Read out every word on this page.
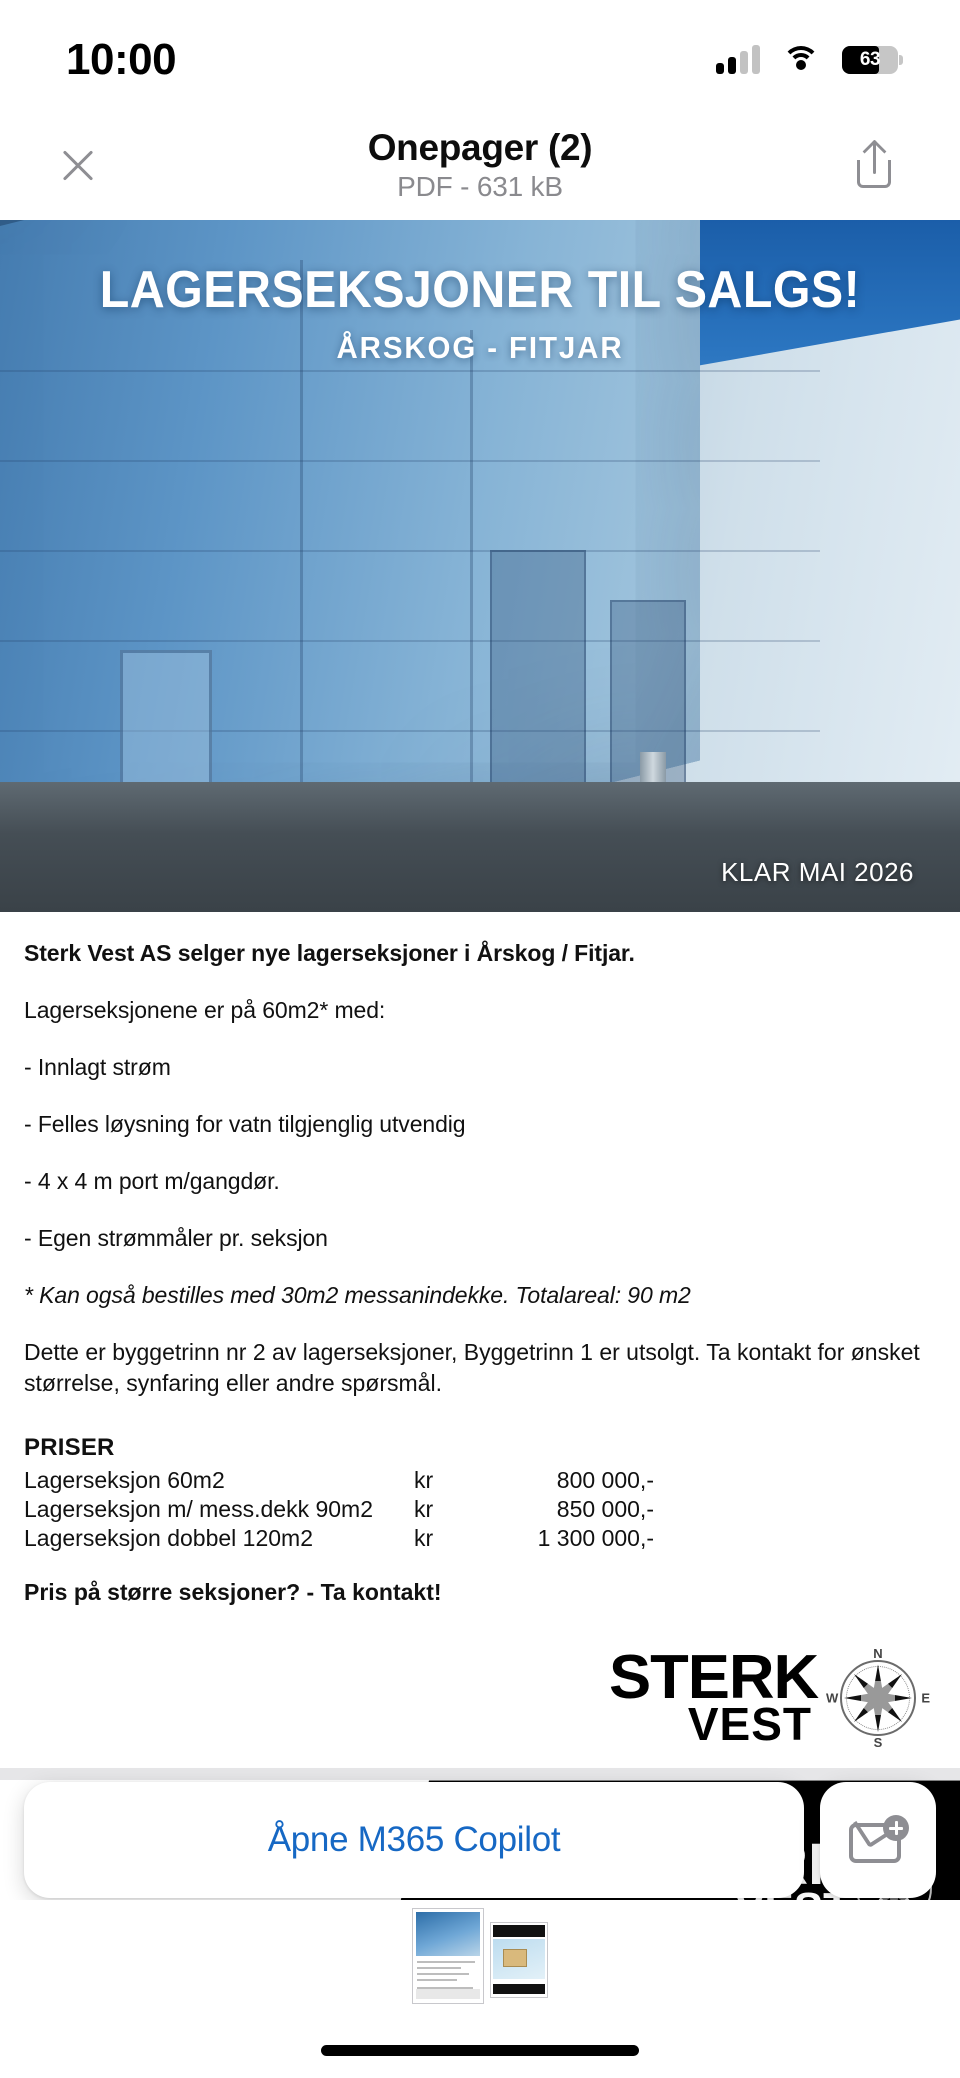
10:00	63
Onepager (2)
PDF - 631 kB
LAGERSEKSJONER TIL SALGS!
ÅRSKOG - FITJAR
KLAR MAI 2026
Sterk Vest AS selger nye lagerseksjoner i Årskog / Fitjar.
Lagerseksjonene er på 60m2* med:
- Innlagt strøm
- Felles løysning for vatn tilgjenglig utvendig
- 4 x 4 m port m/gangdør.
- Egen strømmåler pr. seksjon
* Kan også bestilles med 30m2 messanindekke. Totalareal: 90 m2
Dette er byggetrinn nr 2 av lagerseksjoner, Byggetrinn 1 er utsolgt. Ta kontakt for ønsket størrelse, synfaring eller andre spørsmål.
PRISER
Lagerseksjon 60m2	kr	800 000,-
Lagerseksjon m/ mess.dekk 90m2	kr	850 000,-
Lagerseksjon dobbel 120m2	kr	1 300 000,-
Pris på større seksjoner? - Ta kontakt!
STERK
VEST
N
S
W	E
Åpne M365 Copilot
